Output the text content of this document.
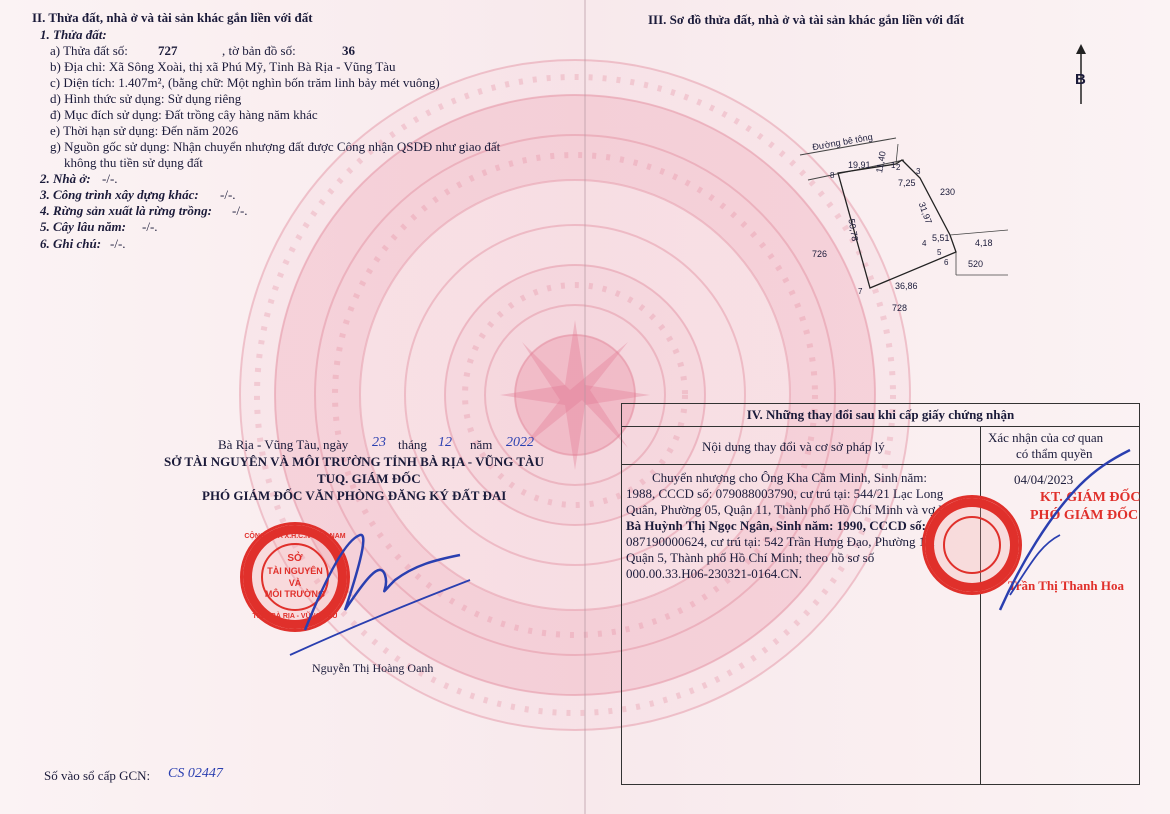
II. Thửa đất, nhà ở và tài sản khác gắn liền với đất
1. Thửa đất:
a) Thửa đất số: 727	, tờ bản đồ số:	36
b) Địa chỉ: Xã Sông Xoài, thị xã Phú Mỹ, Tỉnh Bà Rịa - Vũng Tàu
c) Diện tích: 1.407m², (bằng chữ: Một nghìn bốn trăm linh bảy mét vuông)
d) Hình thức sử dụng: Sử dụng riêng
đ) Mục đích sử dụng: Đất trồng cây hàng năm khác
e) Thời hạn sử dụng: Đến năm 2026
g) Nguồn gốc sử dụng: Nhận chuyển nhượng đất được Công nhận QSDĐ như giao đất
không thu tiền sử dụng đất
2. Nhà ở: -/-.
3. Công trình xây dựng khác: -/-.
4. Rừng sản xuất là rừng trồng: -/-.
5. Cây lâu năm: -/-.
6. Ghi chú: -/-.
Bà Rịa - Vũng Tàu, ngày 23 tháng 12 năm 2022
SỞ TÀI NGUYÊN VÀ MÔI TRƯỜNG TỈNH BÀ RỊA - VŨNG TÀU
TUQ. GIÁM ĐỐC
PHÓ GIÁM ĐỐC VĂN PHÒNG ĐĂNG KÝ ĐẤT ĐAI
CỘNG HÒA X.H.C.N VIỆT NAM
SỞ
TÀI NGUYÊN
VÀ
MÔI TRƯỜNG
TỈNH BÀ RỊA - VŨNG TÀU
Nguyễn Thị Hoàng Oanh
Số vào sổ cấp GCN: CS 02447
III. Sơ đồ thửa đất, nhà ở và tài sản khác gắn liền với đất
B
Đường bê tông
19,91 11,40
7,25
31,97
5,51	4,18
36,86
50,78
1 2 3
4
5
6
7
8
230
726
520
728
IV. Những thay đổi sau khi cấp giấy chứng nhận
Nội dung thay đổi và cơ sở pháp lý
Xác nhận của cơ quan
có thẩm quyền
Chuyển nhượng cho Ông Kha Cầm Minh, Sinh năm:
1988, CCCD số: 079088003790, cư trú tại: 544/21 Lạc Long
Quân, Phường 05, Quận 11, Thành phố Hồ Chí Minh và vợ là
Bà Huỳnh Thị Ngọc Ngân, Sinh năm: 1990, CCCD số:
087190000624, cư trú tại: 542 Trần Hưng Đạo, Phường 14,
Quận 5, Thành phố Hồ Chí Minh; theo hồ sơ số
000.00.33.H06-230321-0164.CN.
04/04/2023
KT. GIÁM ĐỐC
PHÓ GIÁM ĐỐC
Trần Thị Thanh Hoa
